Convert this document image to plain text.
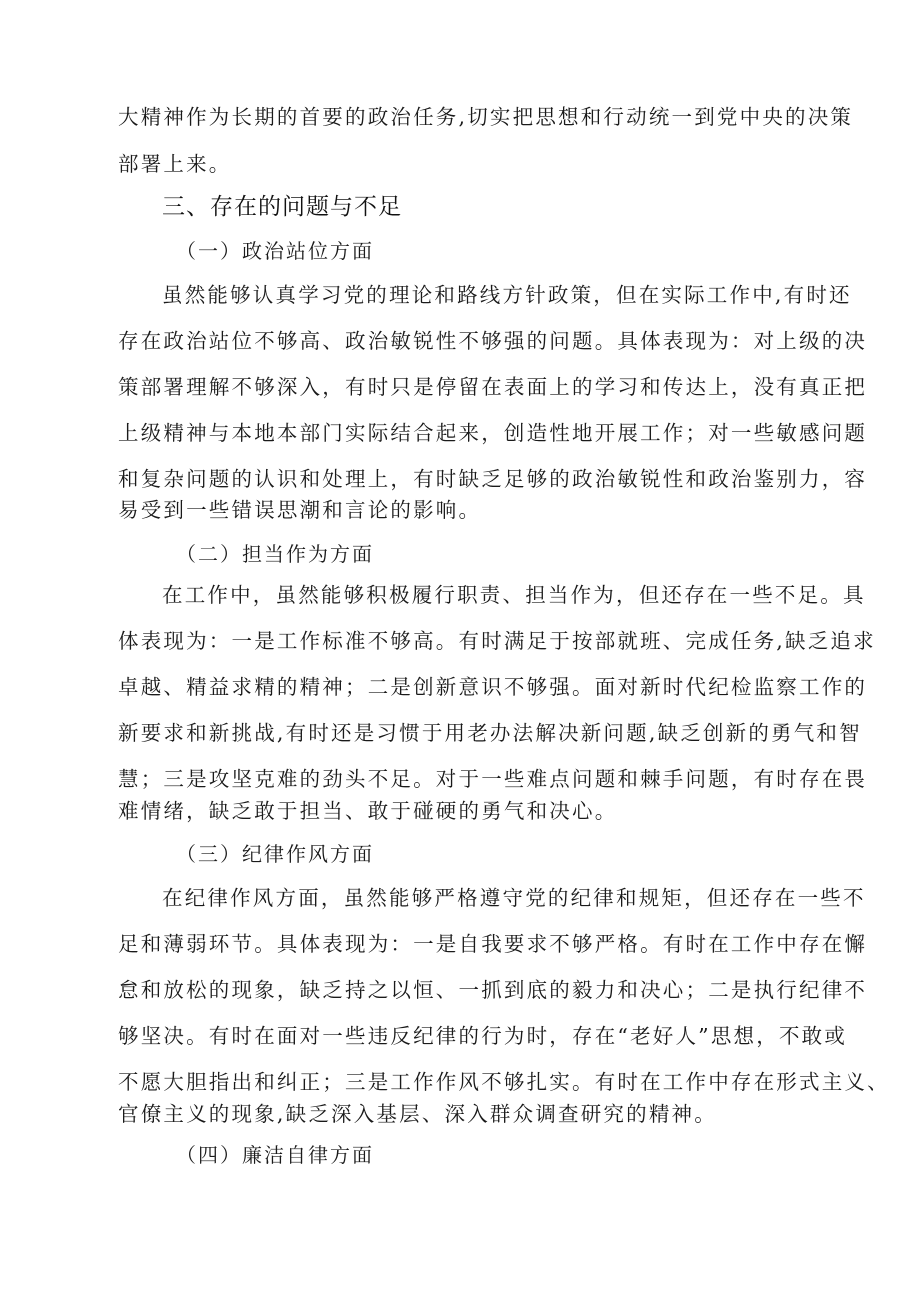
大精神作为长期的首要的政治任务,切实把思想和行动统一到党中央的决策
部署上来。
三、存在的问题与不足
（一）政治站位方面
虽然能够认真学习党的理论和路线方针政策，但在实际工作中,有时还
存在政治站位不够高、政治敏锐性不够强的问题。具体表现为：对上级的决
策部署理解不够深入，有时只是停留在表面上的学习和传达上，没有真正把
上级精神与本地本部门实际结合起来，创造性地开展工作；对一些敏感问题
和复杂问题的认识和处理上，有时缺乏足够的政治敏锐性和政治鉴别力，容
易受到一些错误思潮和言论的影响。
（二）担当作为方面
在工作中，虽然能够积极履行职责、担当作为，但还存在一些不足。具
体表现为：一是工作标准不够高。有时满足于按部就班、完成任务,缺乏追求
卓越、精益求精的精神；二是创新意识不够强。面对新时代纪检监察工作的
新要求和新挑战,有时还是习惯于用老办法解决新问题,缺乏创新的勇气和智
慧；三是攻坚克难的劲头不足。对于一些难点问题和棘手问题，有时存在畏
难情绪，缺乏敢于担当、敢于碰硬的勇气和决心。
（三）纪律作风方面
在纪律作风方面，虽然能够严格遵守党的纪律和规矩，但还存在一些不
足和薄弱环节。具体表现为：一是自我要求不够严格。有时在工作中存在懈
怠和放松的现象，缺乏持之以恒、一抓到底的毅力和决心；二是执行纪律不
够坚决。有时在面对一些违反纪律的行为时，存在“老好人”思想，不敢或
不愿大胆指出和纠正；三是工作作风不够扎实。有时在工作中存在形式主义、
官僚主义的现象,缺乏深入基层、深入群众调查研究的精神。
（四）廉洁自律方面
